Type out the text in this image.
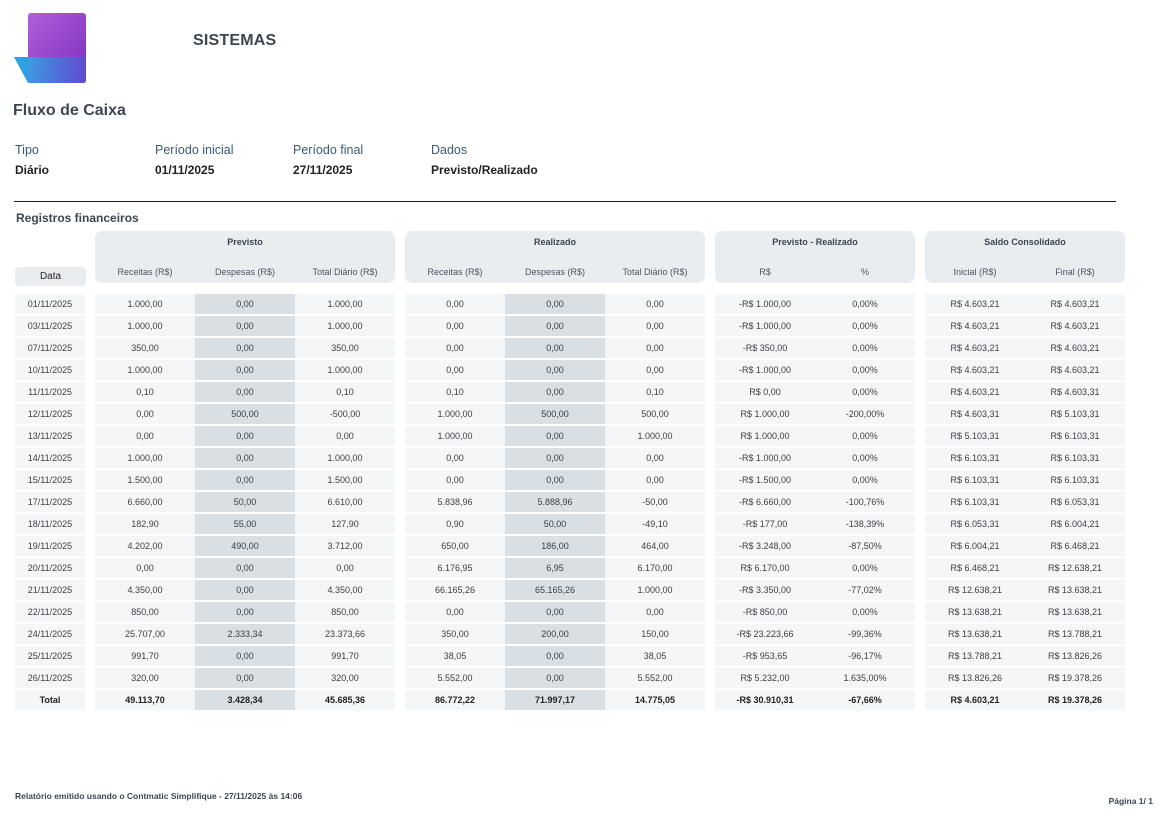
SISTEMAS
Fluxo de Caixa
Tipo
Diário
Período inicial
01/11/2025
Período final
27/11/2025
Dados
Previsto/Realizado
Registros financeiros
Previsto	Realizado	Previsto - Realizado	Saldo Consolidado
Data	Receitas (R$)	Despesas (R$)	Total Diário (R$)	Receitas (R$)	Despesas (R$)	Total Diário (R$)	R$	%	Inicial (R$)	Final (R$)
01/11/2025	1.000,00	0,00	1.000,00	0,00	0,00	0,00	-R$ 1.000,00	0,00%	R$ 4.603,21	R$ 4.603,21
03/11/2025	1.000,00	0,00	1.000,00	0,00	0,00	0,00	-R$ 1.000,00	0,00%	R$ 4.603,21	R$ 4.603,21
07/11/2025	350,00	0,00	350,00	0,00	0,00	0,00	-R$ 350,00	0,00%	R$ 4.603,21	R$ 4.603,21
10/11/2025	1.000,00	0,00	1.000,00	0,00	0,00	0,00	-R$ 1.000,00	0,00%	R$ 4.603,21	R$ 4.603,21
11/11/2025	0,10	0,00	0,10	0,10	0,00	0,10	R$ 0,00	0,00%	R$ 4.603,21	R$ 4.603,31
12/11/2025	0,00	500,00	-500,00	1.000,00	500,00	500,00	R$ 1.000,00	-200,00%	R$ 4.603,31	R$ 5.103,31
13/11/2025	0,00	0,00	0,00	1.000,00	0,00	1.000,00	R$ 1.000,00	0,00%	R$ 5.103,31	R$ 6.103,31
14/11/2025	1.000,00	0,00	1.000,00	0,00	0,00	0,00	-R$ 1.000,00	0,00%	R$ 6.103,31	R$ 6.103,31
15/11/2025	1.500,00	0,00	1.500,00	0,00	0,00	0,00	-R$ 1.500,00	0,00%	R$ 6.103,31	R$ 6.103,31
17/11/2025	6.660,00	50,00	6.610,00	5.838,96	5.888,96	-50,00	-R$ 6.660,00	-100,76%	R$ 6.103,31	R$ 6.053,31
18/11/2025	182,90	55,00	127,90	0,90	50,00	-49,10	-R$ 177,00	-138,39%	R$ 6.053,31	R$ 6.004,21
19/11/2025	4.202,00	490,00	3.712,00	650,00	186,00	464,00	-R$ 3.248,00	-87,50%	R$ 6.004,21	R$ 6.468,21
20/11/2025	0,00	0,00	0,00	6.176,95	6,95	6.170,00	R$ 6.170,00	0,00%	R$ 6.468,21	R$ 12.638,21
21/11/2025	4.350,00	0,00	4.350,00	66.165,26	65.165,26	1.000,00	-R$ 3.350,00	-77,02%	R$ 12.638,21	R$ 13.638,21
22/11/2025	850,00	0,00	850,00	0,00	0,00	0,00	-R$ 850,00	0,00%	R$ 13.638,21	R$ 13.638,21
24/11/2025	25.707,00	2.333,34	23.373,66	350,00	200,00	150,00	-R$ 23.223,66	-99,36%	R$ 13.638,21	R$ 13.788,21
25/11/2025	991,70	0,00	991,70	38,05	0,00	38,05	-R$ 953,65	-96,17%	R$ 13.788,21	R$ 13.826,26
26/11/2025	320,00	0,00	320,00	5.552,00	0,00	5.552,00	R$ 5.232,00	1.635,00%	R$ 13.826,26	R$ 19.378,26
Total	49.113,70	3.428,34	45.685,36	86.772,22	71.997,17	14.775,05	-R$ 30.910,31	-67,66%	R$ 4.603,21	R$ 19.378,26
Relatório emitido usando o Contmatic Simplifique - 27/11/2025 às 14:06	Página 1/ 1
